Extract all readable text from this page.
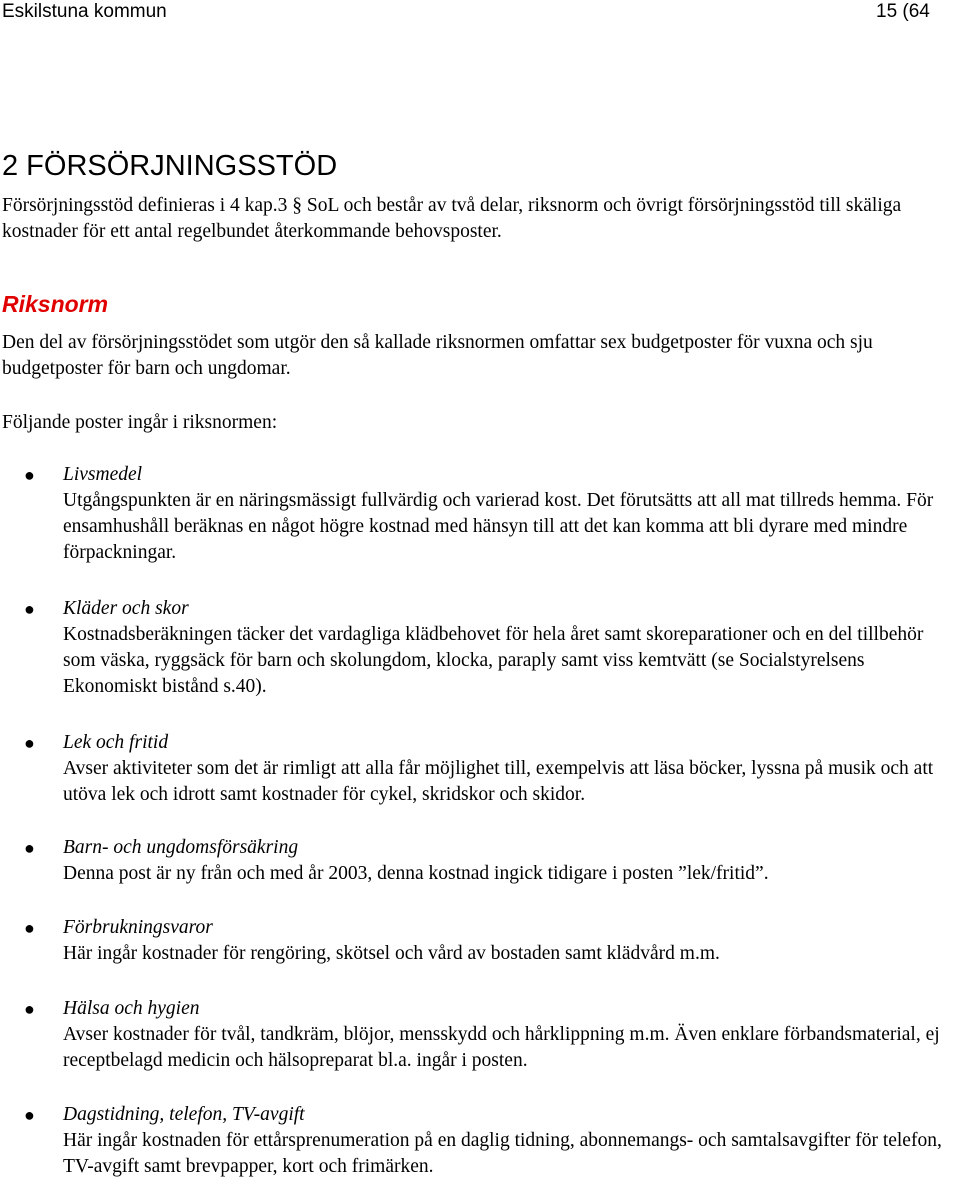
Eskilstuna kommun	15 (64
2 FÖRSÖRJNINGSSTÖD

Försörjningsstöd definieras i 4 kap.3 § SoL och består av två delar, riksnorm och övrigt försörjningsstöd till skäliga kostnader för ett antal regelbundet återkommande behovsposter.

Riksnorm

Den del av försörjningsstödet som utgör den så kallade riksnormen omfattar sex budgetposter för vuxna och sju budgetposter för barn och ungdomar.

Följande poster ingår i riksnormen:

● Livsmedel
Utgångspunkten är en näringsmässigt fullvärdig och varierad kost. Det förutsätts att all mat tillreds hemma. För ensamhushåll beräknas en något högre kostnad med hänsyn till att det kan komma att bli dyrare med mindre förpackningar.
● Kläder och skor
Kostnadsberäkningen täcker det vardagliga klädbehovet för hela året samt skoreparationer och en del tillbehör som väska, ryggsäck för barn och skolungdom, klocka, paraply samt viss kemtvätt (se Socialstyrelsens Ekonomiskt bistånd s.40).
● Lek och fritid
Avser aktiviteter som det är rimligt att alla får möjlighet till, exempelvis att läsa böcker, lyssna på musik och att utöva lek och idrott samt kostnader för cykel, skridskor och skidor.
● Barn- och ungdomsförsäkring
Denna post är ny från och med år 2003, denna kostnad ingick tidigare i posten ”lek/fritid”.
● Förbrukningsvaror
Här ingår kostnader för rengöring, skötsel och vård av bostaden samt klädvård m.m.
● Hälsa och hygien
Avser kostnader för tvål, tandkräm, blöjor, mensskydd och hårklippning m.m. Även enklare förbandsmaterial, ej receptbelagd medicin och hälsopreparat bl.a. ingår i posten.
● Dagstidning, telefon, TV-avgift
Här ingår kostnaden för ettårsprenumeration på en daglig tidning, abonnemangs- och samtalsavgifter för telefon, TV-avgift samt brevpapper, kort och frimärken.
